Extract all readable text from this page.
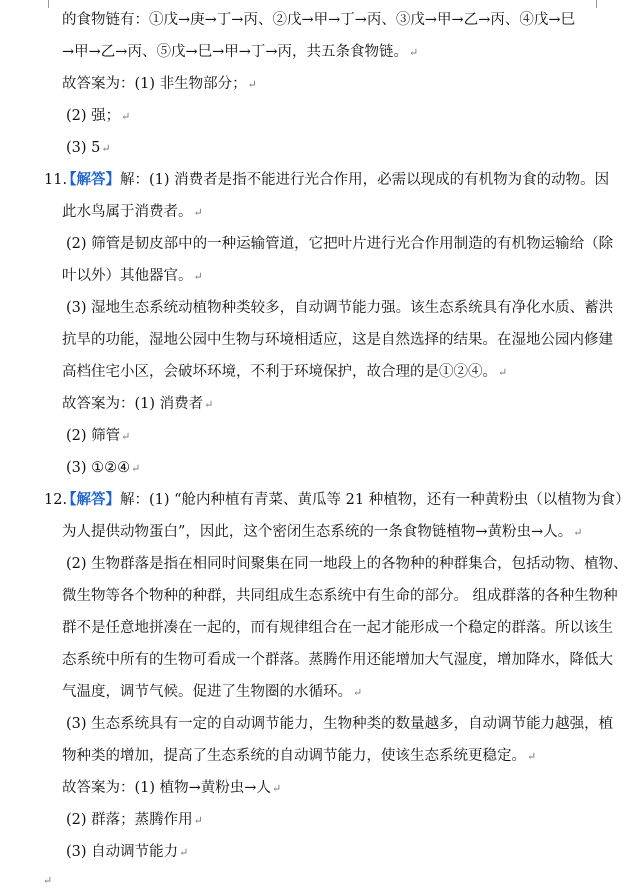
的食物链有：①戊→庚→丁→丙、②戊→甲→丁→丙、③戊→甲→乙→丙、④戊→巳
→甲→乙→丙、⑤戊→巳→甲→丁→丙，共五条食物链。↵
故答案为：(1) 非生物部分；↵
(2) 强；↵
(3) 5↵
11.
【解答】解：(1) 消费者是指不能进行光合作用，必需以现成的有机物为食的动物。因
此水鸟属于消费者。↵
(2) 筛管是韧皮部中的一种运输管道，它把叶片进行光合作用制造的有机物运输给（除
叶以外）其他器官。↵
(3) 湿地生态系统动植物种类较多，自动调节能力强。该生态系统具有净化水质、蓄洪
抗旱的功能，湿地公园中生物与环境相适应，这是自然选择的结果。在湿地公园内修建
高档住宅小区，会破坏环境，不利于环境保护，故合理的是①②④。↵
故答案为：(1) 消费者↵
(2) 筛管↵
(3) ①②④↵
12.
【解答】解：(1) “舱内种植有青菜、黄瓜等 21 种植物，还有一种黄粉虫（以植物为食）
为人提供动物蛋白”，因此，这个密闭生态系统的一条食物链植物→黄粉虫→人。↵
(2) 生物群落是指在相同时间聚集在同一地段上的各物种的种群集合，包括动物、植物、
微生物等各个物种的种群，共同组成生态系统中有生命的部分。 组成群落的各种生物种
群不是任意地拼凑在一起的，而有规律组合在一起才能形成一个稳定的群落。所以该生
态系统中所有的生物可看成一个群落。蒸腾作用还能增加大气湿度，增加降水，降低大
气温度，调节气候。促进了生物圈的水循环。↵
(3) 生态系统具有一定的自动调节能力，生物种类的数量越多，自动调节能力越强，植
物种类的增加，提高了生态系统的自动调节能力，使该生态系统更稳定。↵
故答案为：(1) 植物→黄粉虫→人↵
(2) 群落；蒸腾作用↵
(3) 自动调节能力↵
↵
